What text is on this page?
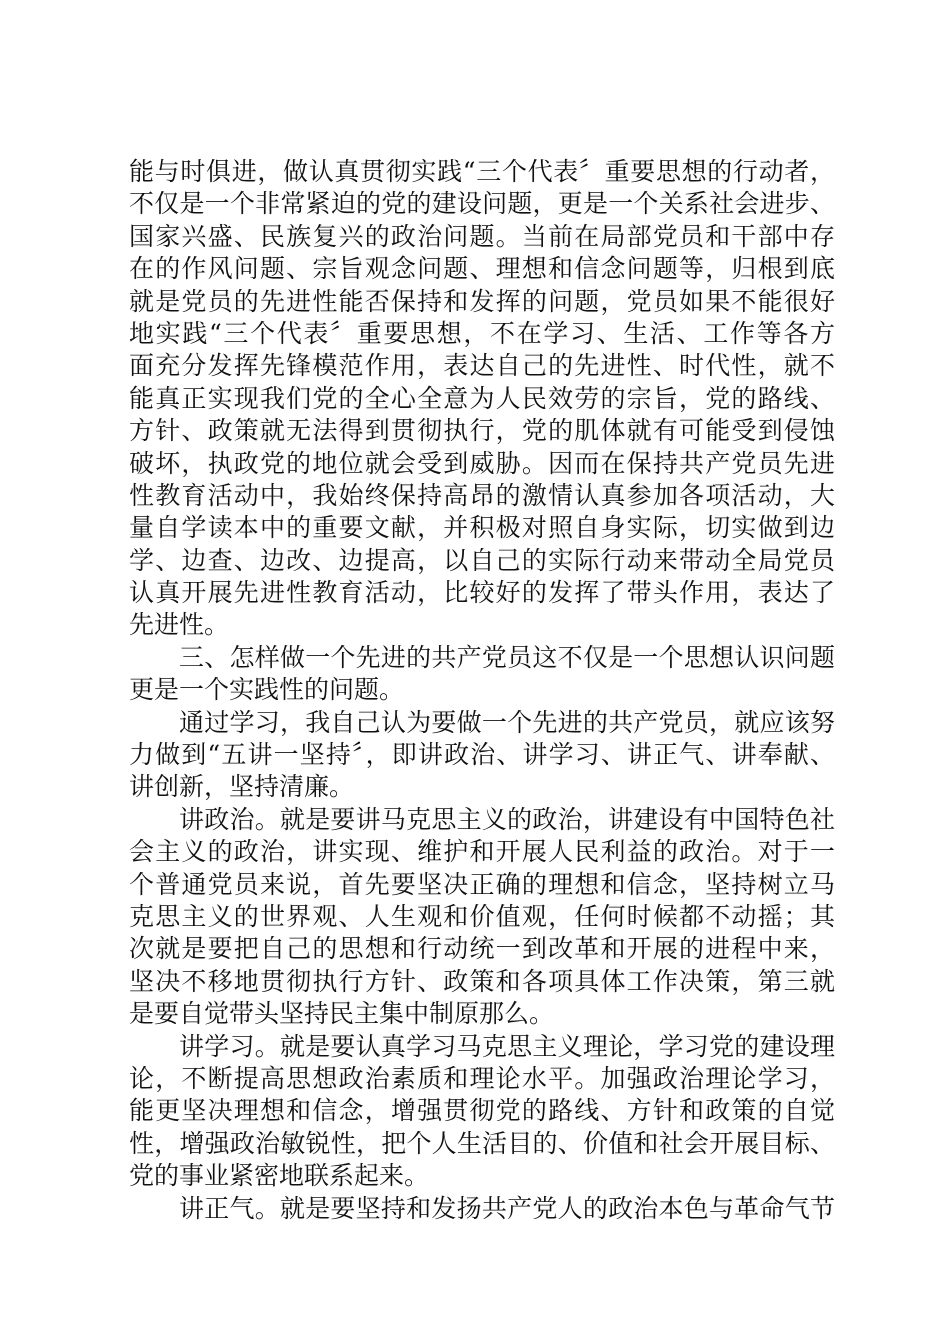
能与时俱进，做认真贯彻实践“三个代表〞重要思想的行动者，
不仅是一个非常紧迫的党的建设问题，更是一个关系社会进步、
国家兴盛、民族复兴的政治问题。当前在局部党员和干部中存
在的作风问题、宗旨观念问题、理想和信念问题等，归根到底
就是党员的先进性能否保持和发挥的问题，党员如果不能很好
地实践“三个代表〞重要思想，不在学习、生活、工作等各方
面充分发挥先锋模范作用，表达自己的先进性、时代性，就不
能真正实现我们党的全心全意为人民效劳的宗旨，党的路线、
方针、政策就无法得到贯彻执行，党的肌体就有可能受到侵蚀
破坏，执政党的地位就会受到威胁。因而在保持共产党员先进
性教育活动中，我始终保持高昂的激情认真参加各项活动，大
量自学读本中的重要文献，并积极对照自身实际，切实做到边
学、边查、边改、边提高，以自己的实际行动来带动全局党员
认真开展先进性教育活动，比较好的发挥了带头作用，表达了
先进性。
三、怎样做一个先进的共产党员这不仅是一个思想认识问题
更是一个实践性的问题。
通过学习，我自己认为要做一个先进的共产党员，就应该努
力做到“五讲一坚持〞，即讲政治、讲学习、讲正气、讲奉献、
讲创新，坚持清廉。
讲政治。就是要讲马克思主义的政治，讲建设有中国特色社
会主义的政治，讲实现、维护和开展人民利益的政治。对于一
个普通党员来说，首先要坚决正确的理想和信念，坚持树立马
克思主义的世界观、人生观和价值观，任何时候都不动摇；其
次就是要把自己的思想和行动统一到改革和开展的进程中来，
坚决不移地贯彻执行方针、政策和各项具体工作决策，第三就
是要自觉带头坚持民主集中制原那么。
讲学习。就是要认真学习马克思主义理论，学习党的建设理
论，不断提高思想政治素质和理论水平。加强政治理论学习，
能更坚决理想和信念，增强贯彻党的路线、方针和政策的自觉
性，增强政治敏锐性，把个人生活目的、价值和社会开展目标、
党的事业紧密地联系起来。
讲正气。就是要坚持和发扬共产党人的政治本色与革命气节
